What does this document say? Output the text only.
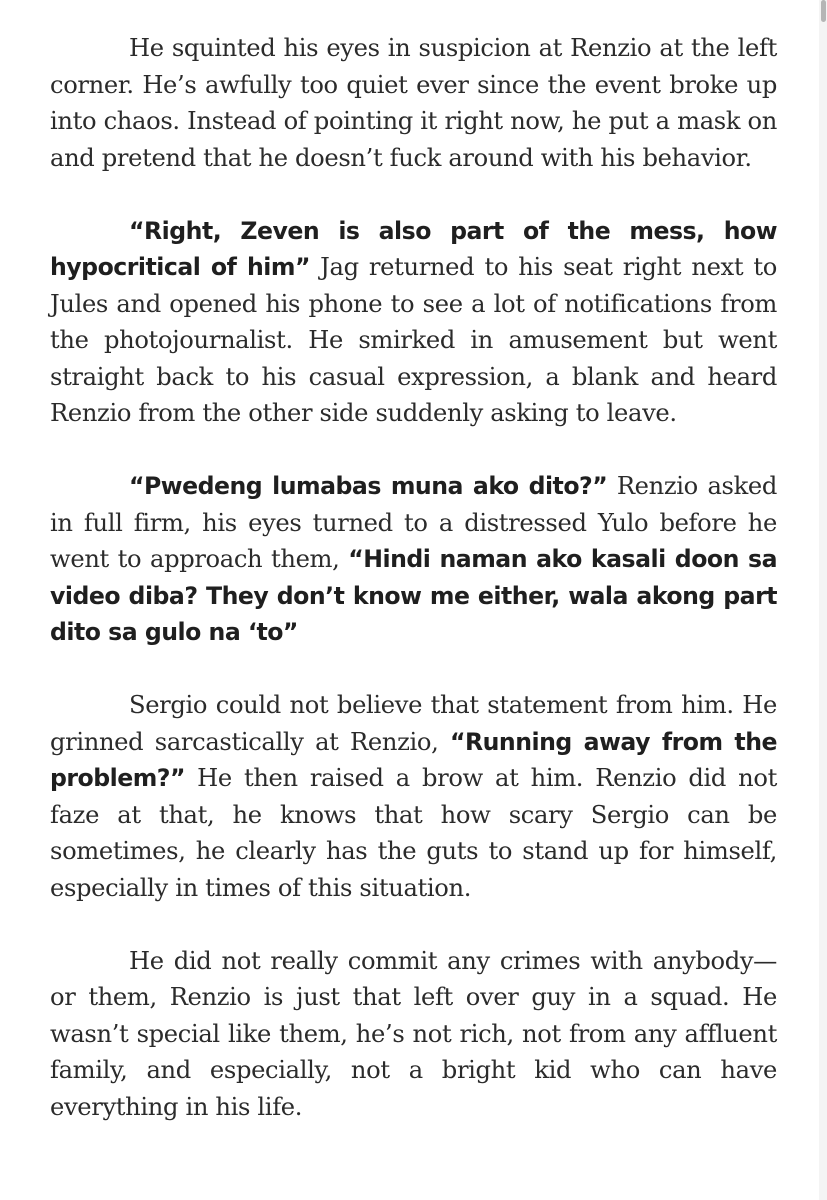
He squinted his eyes in suspicion at Renzio at the left corner. He’s awfully too quiet ever since the event broke up into chaos. Instead of pointing it right now, he put a mask on and pretend that he doesn’t fuck around with his behavior.

“Right, Zeven is also part of the mess, how hypocritical of him” Jag returned to his seat right next to Jules and opened his phone to see a lot of notifications from the photojournalist. He smirked in amusement but went straight back to his casual expression, a blank and heard Renzio from the other side suddenly asking to leave.

“Pwedeng lumabas muna ako dito?” Renzio asked in full firm, his eyes turned to a distressed Yulo before he went to approach them, “Hindi naman ako kasali doon sa video diba? They don’t know me either, wala akong part dito sa gulo na ‘to”

Sergio could not believe that statement from him. He grinned sarcastically at Renzio, “Running away from the problem?” He then raised a brow at him. Renzio did not faze at that, he knows that how scary Sergio can be sometimes, he clearly has the guts to stand up for himself, especially in times of this situation.

He did not really commit any crimes with anybody—or them, Renzio is just that left over guy in a squad. He wasn’t special like them, he’s not rich, not from any affluent family, and especially, not a bright kid who can have everything in his life.
